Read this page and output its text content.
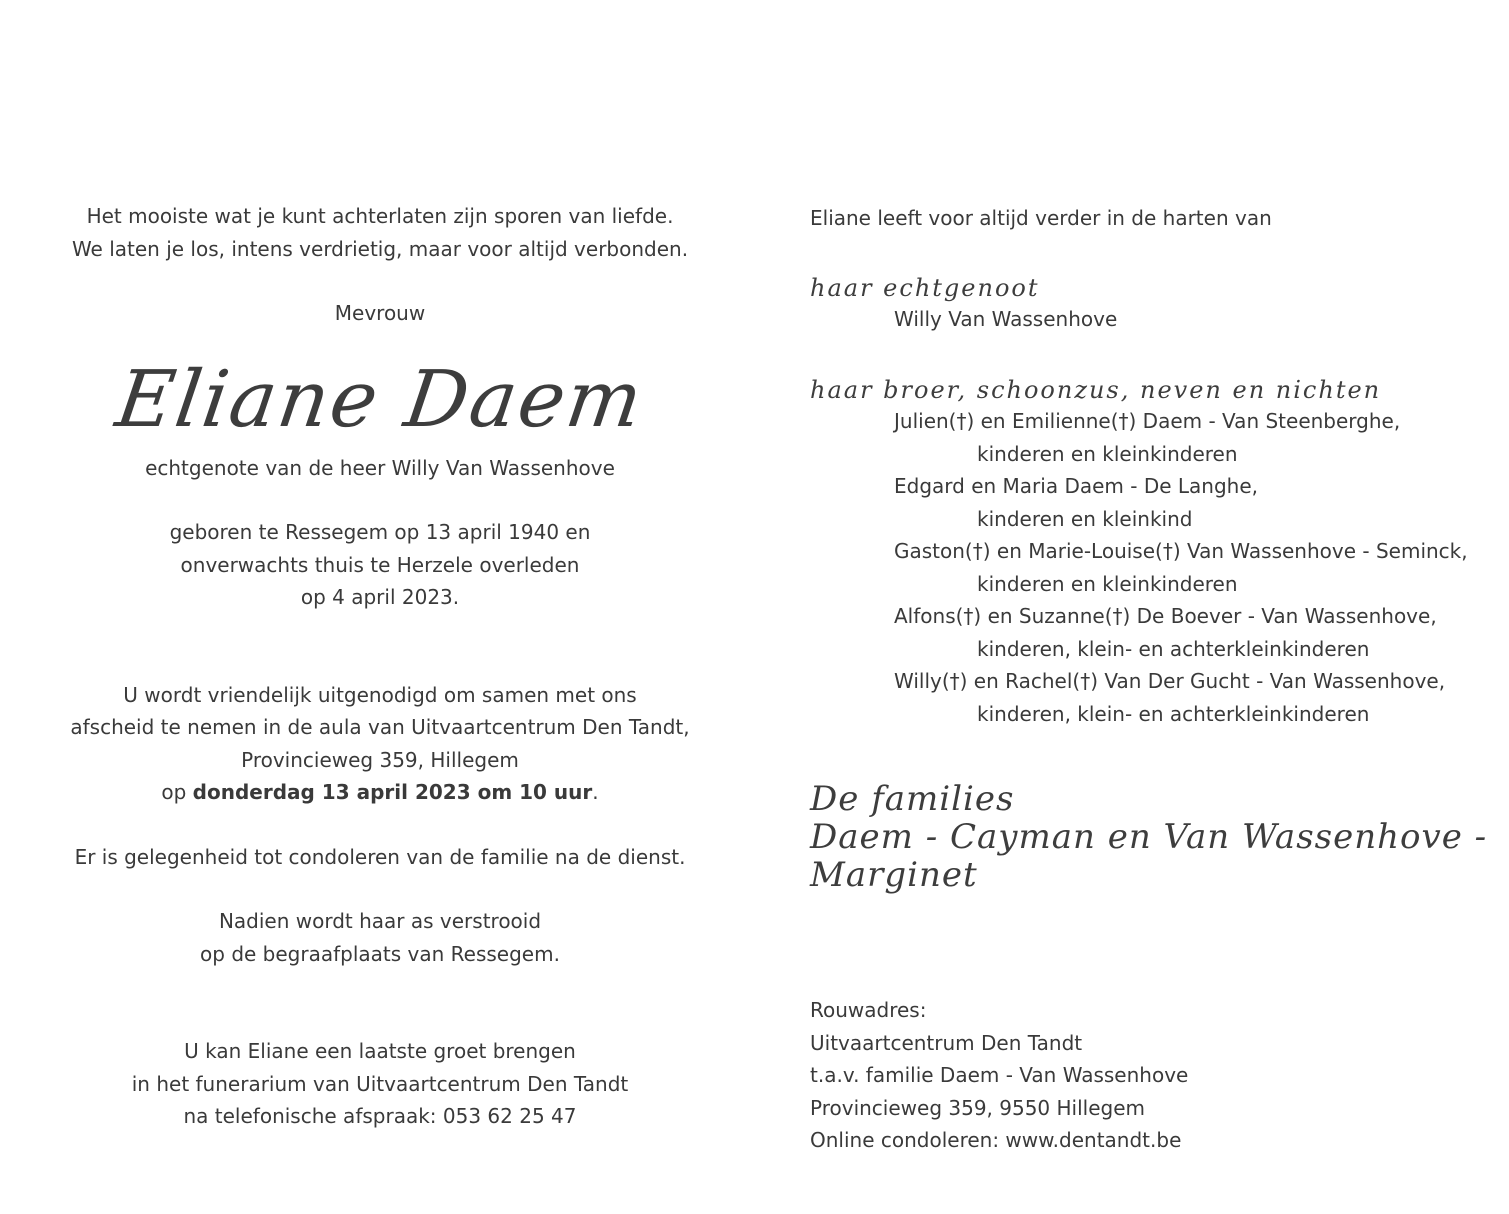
Het mooiste wat je kunt achterlaten zijn sporen van liefde.
We laten je los, intens verdrietig, maar voor altijd verbonden.
Mevrouw
Eliane Daem
echtgenote van de heer Willy Van Wassenhove
geboren te Ressegem op 13 april 1940 en
onverwachts thuis te Herzele overleden
op 4 april 2023.
U wordt vriendelijk uitgenodigd om samen met ons
afscheid te nemen in de aula van Uitvaartcentrum Den Tandt,
Provincieweg 359, Hillegem
op donderdag 13 april 2023 om 10 uur.
Er is gelegenheid tot condoleren van de familie na de dienst.
Nadien wordt haar as verstrooid
op de begraafplaats van Ressegem.
U kan Eliane een laatste groet brengen
in het funerarium van Uitvaartcentrum Den Tandt
na telefonische afspraak: 053 62 25 47
Eliane leeft voor altijd verder in de harten van
haar echtgenoot
Willy Van Wassenhove
haar broer, schoonzus, neven en nichten
Julien(†) en Emilienne(†) Daem - Van Steenberghe,
kinderen en kleinkinderen
Edgard en Maria Daem - De Langhe,
kinderen en kleinkind
Gaston(†) en Marie-Louise(†) Van Wassenhove - Seminck,
kinderen en kleinkinderen
Alfons(†) en Suzanne(†) De Boever - Van Wassenhove,
kinderen, klein- en achterkleinkinderen
Willy(†) en Rachel(†) Van Der Gucht - Van Wassenhove,
kinderen, klein- en achterkleinkinderen
De families
Daem - Cayman en Van Wassenhove - Marginet
Rouwadres:
Uitvaartcentrum Den Tandt
t.a.v. familie Daem - Van Wassenhove
Provincieweg 359, 9550 Hillegem
Online condoleren: www.dentandt.be
